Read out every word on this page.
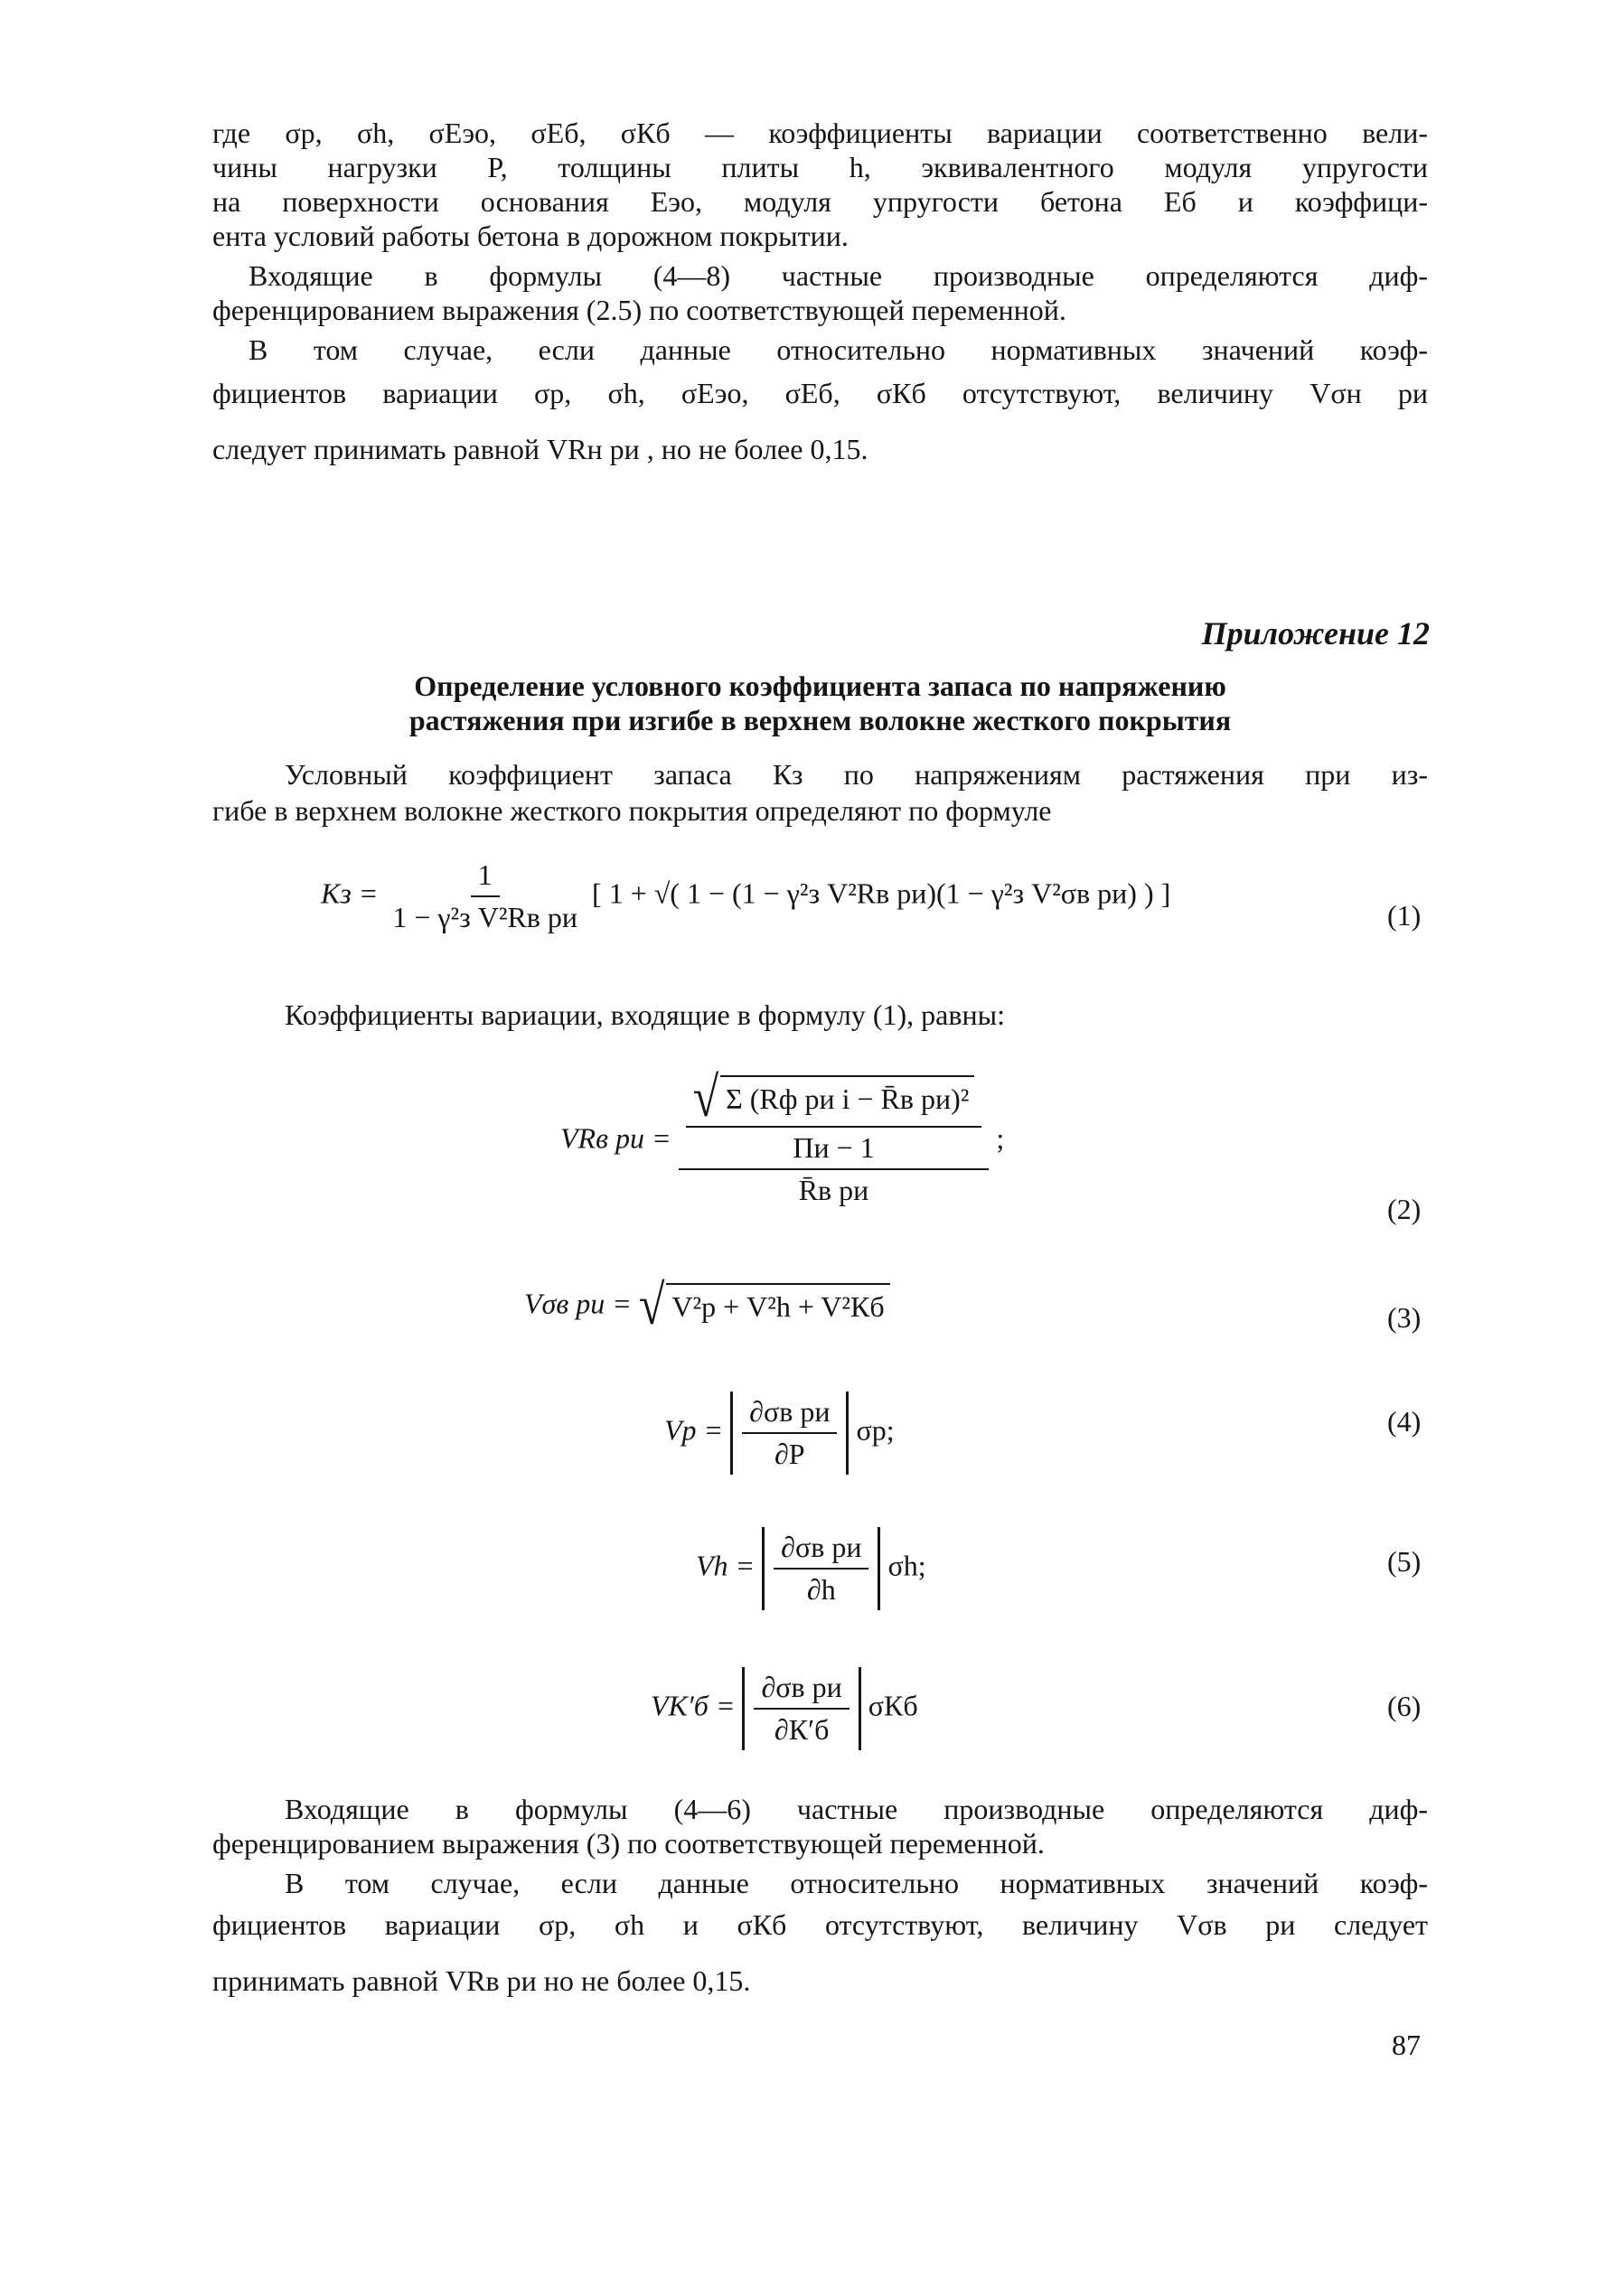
где σр, σh, σЕэо, σЕб, σКб — коэффициенты вариации соответственно вели-

чины нагрузки P, толщины плиты h, эквивалентного модуля упругости

на поверхности основания Еэо, модуля упругости бетона Еб и коэффици-

ента условий работы бетона в дорожном покрытии.

Входящие в формулы (4—8) частные производные определяются диф-

ференцированием выражения (2.5) по соответствующей переменной.

В том случае, если данные относительно нормативных значений коэф-

фициентов вариации σр, σh, σЕэо, σЕб, σКб отсутствуют, величину Vσн ри

следует принимать равной VRн ри , но не более 0,15.

Приложение 12
Определение условного коэффициента запаса по напряжению
растяжения при изгибе в верхнем волокне жесткого покрытия

Условный коэффициент запаса Кз по напряжениям растяжения при из-

гибе в верхнем волокне жесткого покрытия определяют по формуле

Кз = $\frac{1}{\text{1 − γ²з V²Rв ри}}$ [ 1 + √( 1 − (1 − γ²з V²Rв ри)(1 − γ²з V²σв ри) ) ]
(1)
Коэффициенты вариации, входящие в формулу (1), равны:
VRв ри = $\frac{\frac{\text{√ Σ (Rф ри i − R̄в ри)²}}{Пи - 1}}{\text{R̄в ри}}$ ;
(2)
Vσв ри = √ V²р + V²h + V²Кб	(3)
Vр = $\frac{\text{∂σв ри}}{\partial P} \sigma р$;	(4)
$Vh = \frac{\text{∂σв ри}}{\partial h} \sigma h$;	(5)
$VК'б = \frac{\text{∂σв ри}}{\partial К'б}$ σКб	(6)

Входящие в формулы (4—6) частные производные определяются диф-

ференцированием выражения (3) по соответствующей переменной.

В том случае, если данные относительно нормативных значений коэф-

фициентов вариации σр, σh и σКб отсутствуют, величину Vσв ри следует

принимать равной VRв ри но не более 0,15.

87
